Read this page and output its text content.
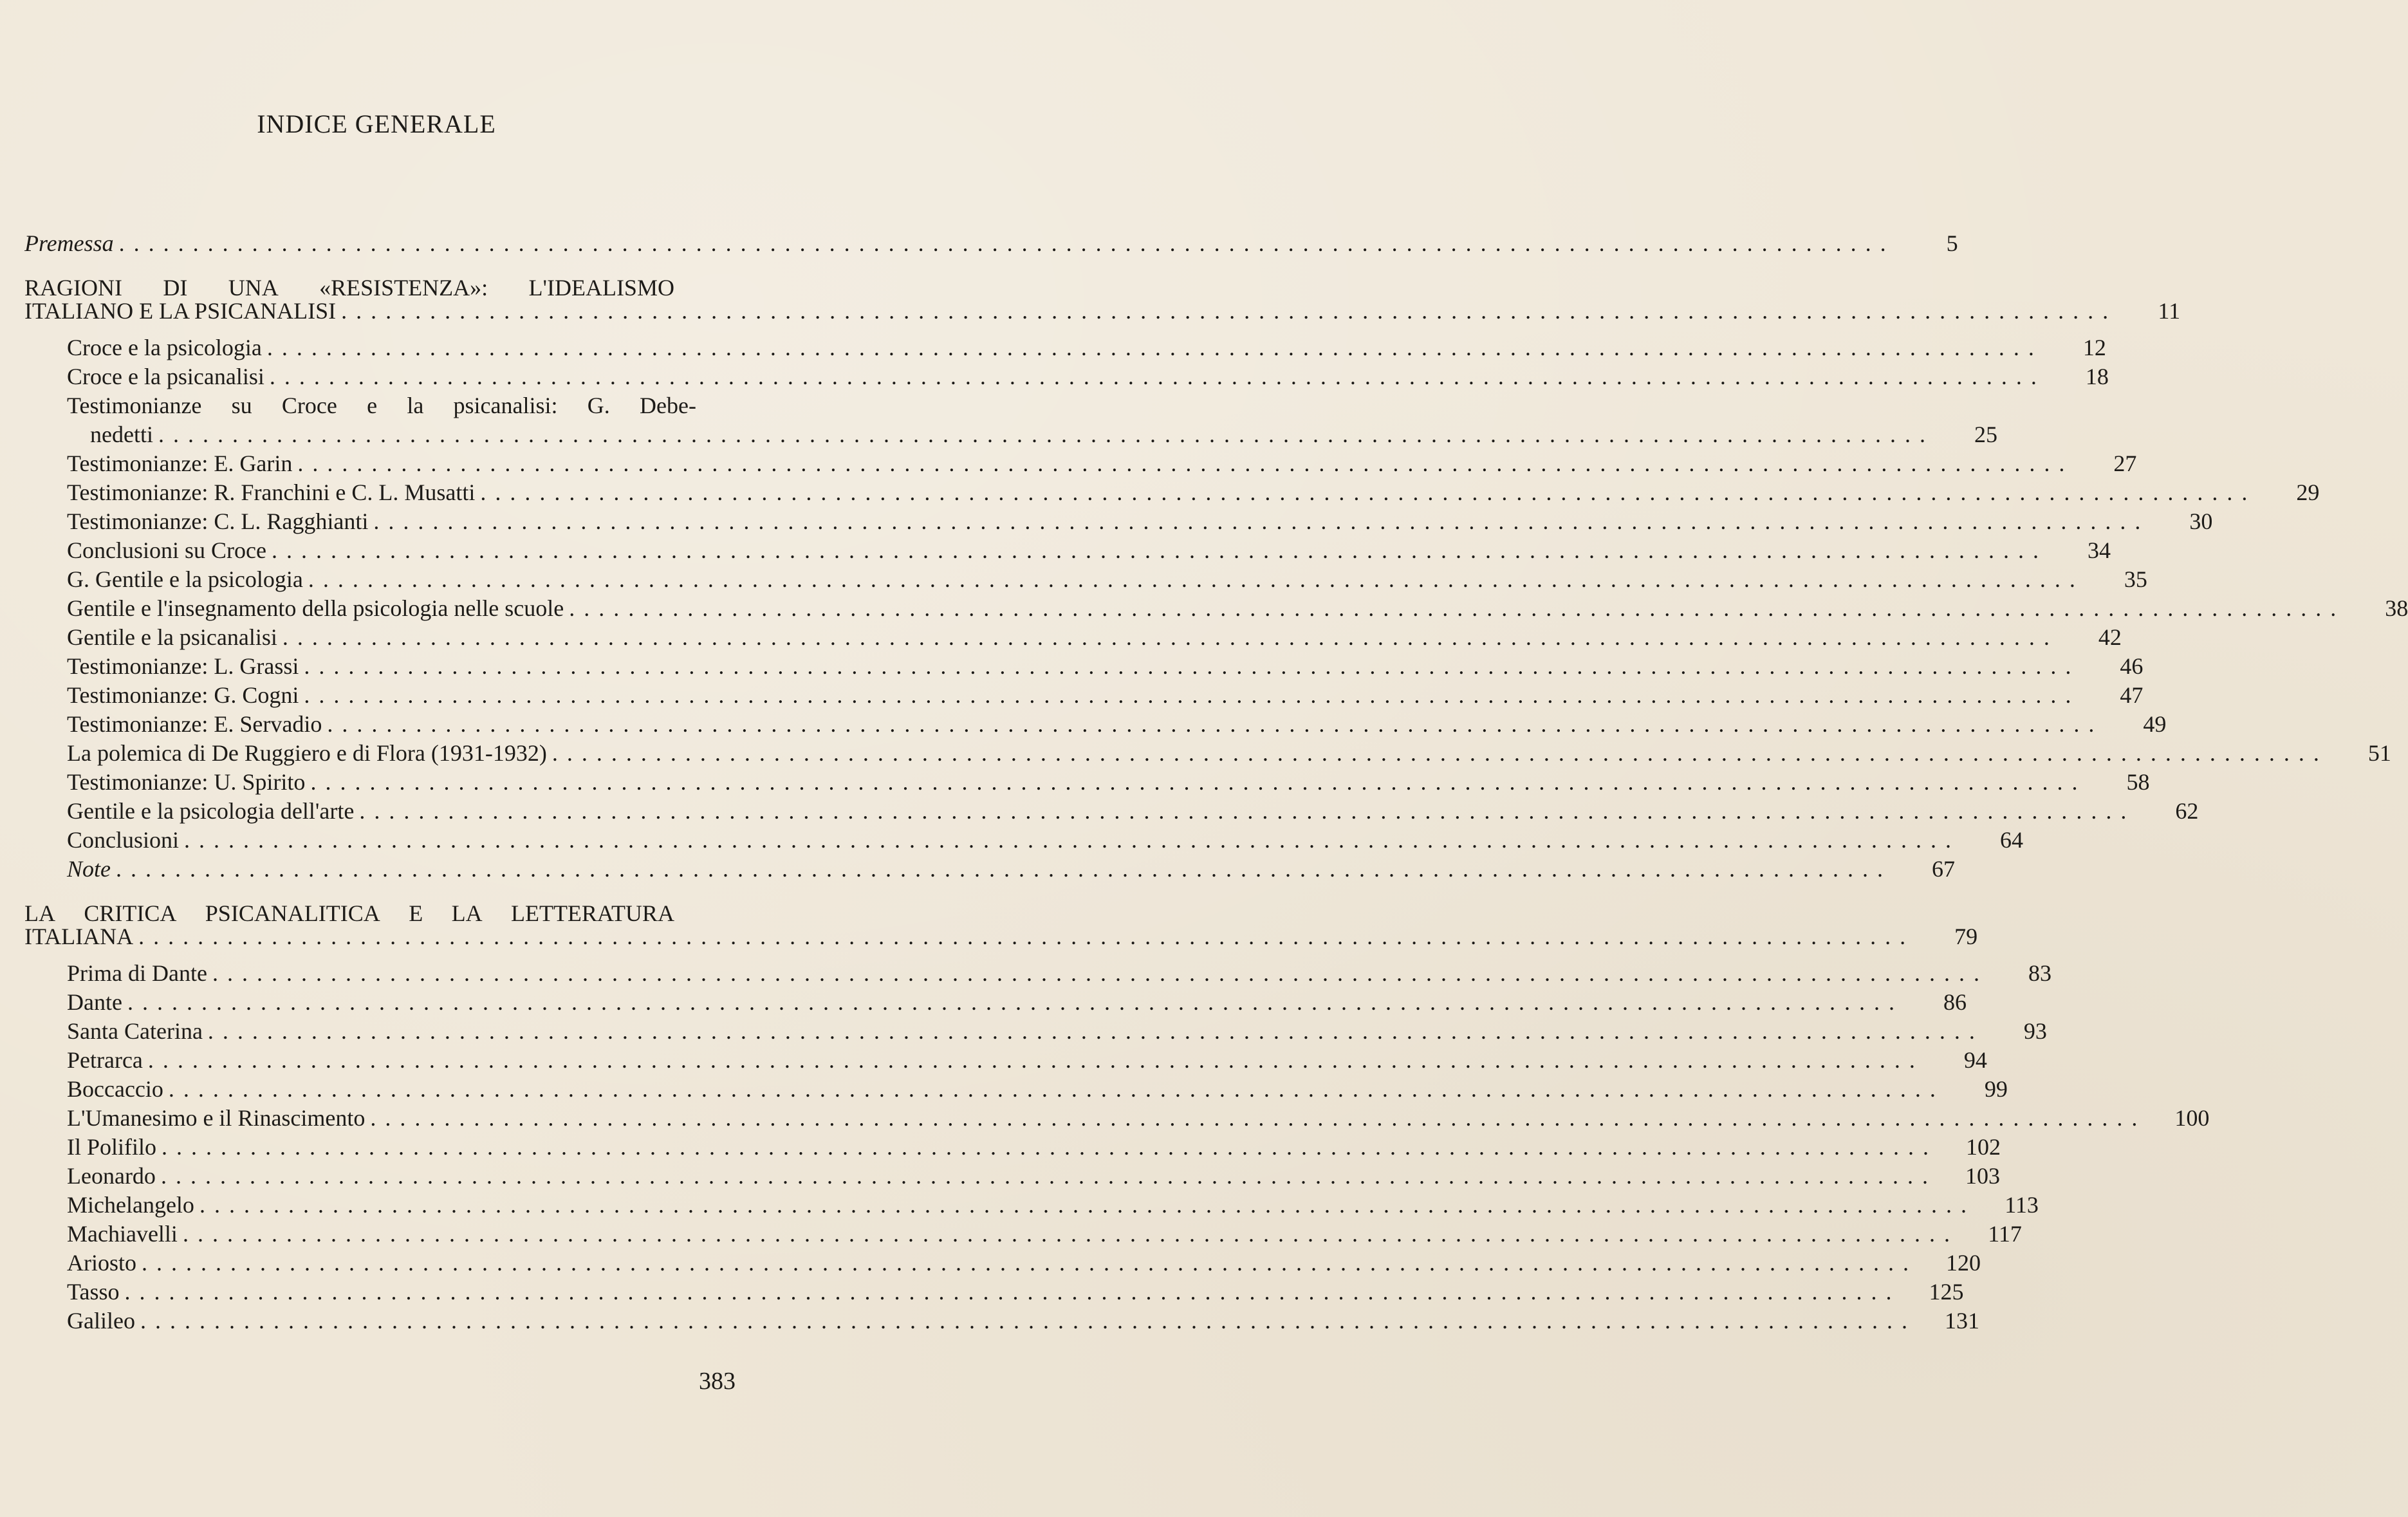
INDICE GENERALE
Premessa ........................................................................................................................	5
RAGIONI DI UNA «RESISTENZA»: L'IDEALISMO
ITALIANO E LA PSICANALISI ........................................................................................................................	11
Croce e la psicologia ........................................................................................................................	12
Croce e la psicanalisi ........................................................................................................................	18
Testimonianze su Croce e la psicanalisi: G. Debe-
nedetti ........................................................................................................................	25
Testimonianze: E. Garin ........................................................................................................................	27
Testimonianze: R. Franchini e C. L. Musatti ........................................................................................................................	29
Testimonianze: C. L. Ragghianti ........................................................................................................................	30
Conclusioni su Croce ........................................................................................................................	34
G. Gentile e la psicologia ........................................................................................................................	35
Gentile e l'insegnamento della psicologia nelle scuole ........................................................................................................................	38
Gentile e la psicanalisi ........................................................................................................................	42
Testimonianze: L. Grassi ........................................................................................................................	46
Testimonianze: G. Cogni ........................................................................................................................	47
Testimonianze: E. Servadio ........................................................................................................................	49
La polemica di De Ruggiero e di Flora (1931-1932) ........................................................................................................................	51
Testimonianze: U. Spirito ........................................................................................................................	58
Gentile e la psicologia dell'arte ........................................................................................................................	62
Conclusioni ........................................................................................................................	64
Note ........................................................................................................................	67
LA CRITICA PSICANALITICA E LA LETTERATURA
ITALIANA ........................................................................................................................	79
Prima di Dante ........................................................................................................................	83
Dante ........................................................................................................................	86
Santa Caterina ........................................................................................................................	93
Petrarca ........................................................................................................................	94
Boccaccio ........................................................................................................................	99
L'Umanesimo e il Rinascimento ........................................................................................................................	100
Il Polifilo ........................................................................................................................	102
Leonardo ........................................................................................................................	103
Michelangelo ........................................................................................................................	113
Machiavelli ........................................................................................................................	117
Ariosto ........................................................................................................................	120
Tasso ........................................................................................................................	125
Galileo ........................................................................................................................	131
383
